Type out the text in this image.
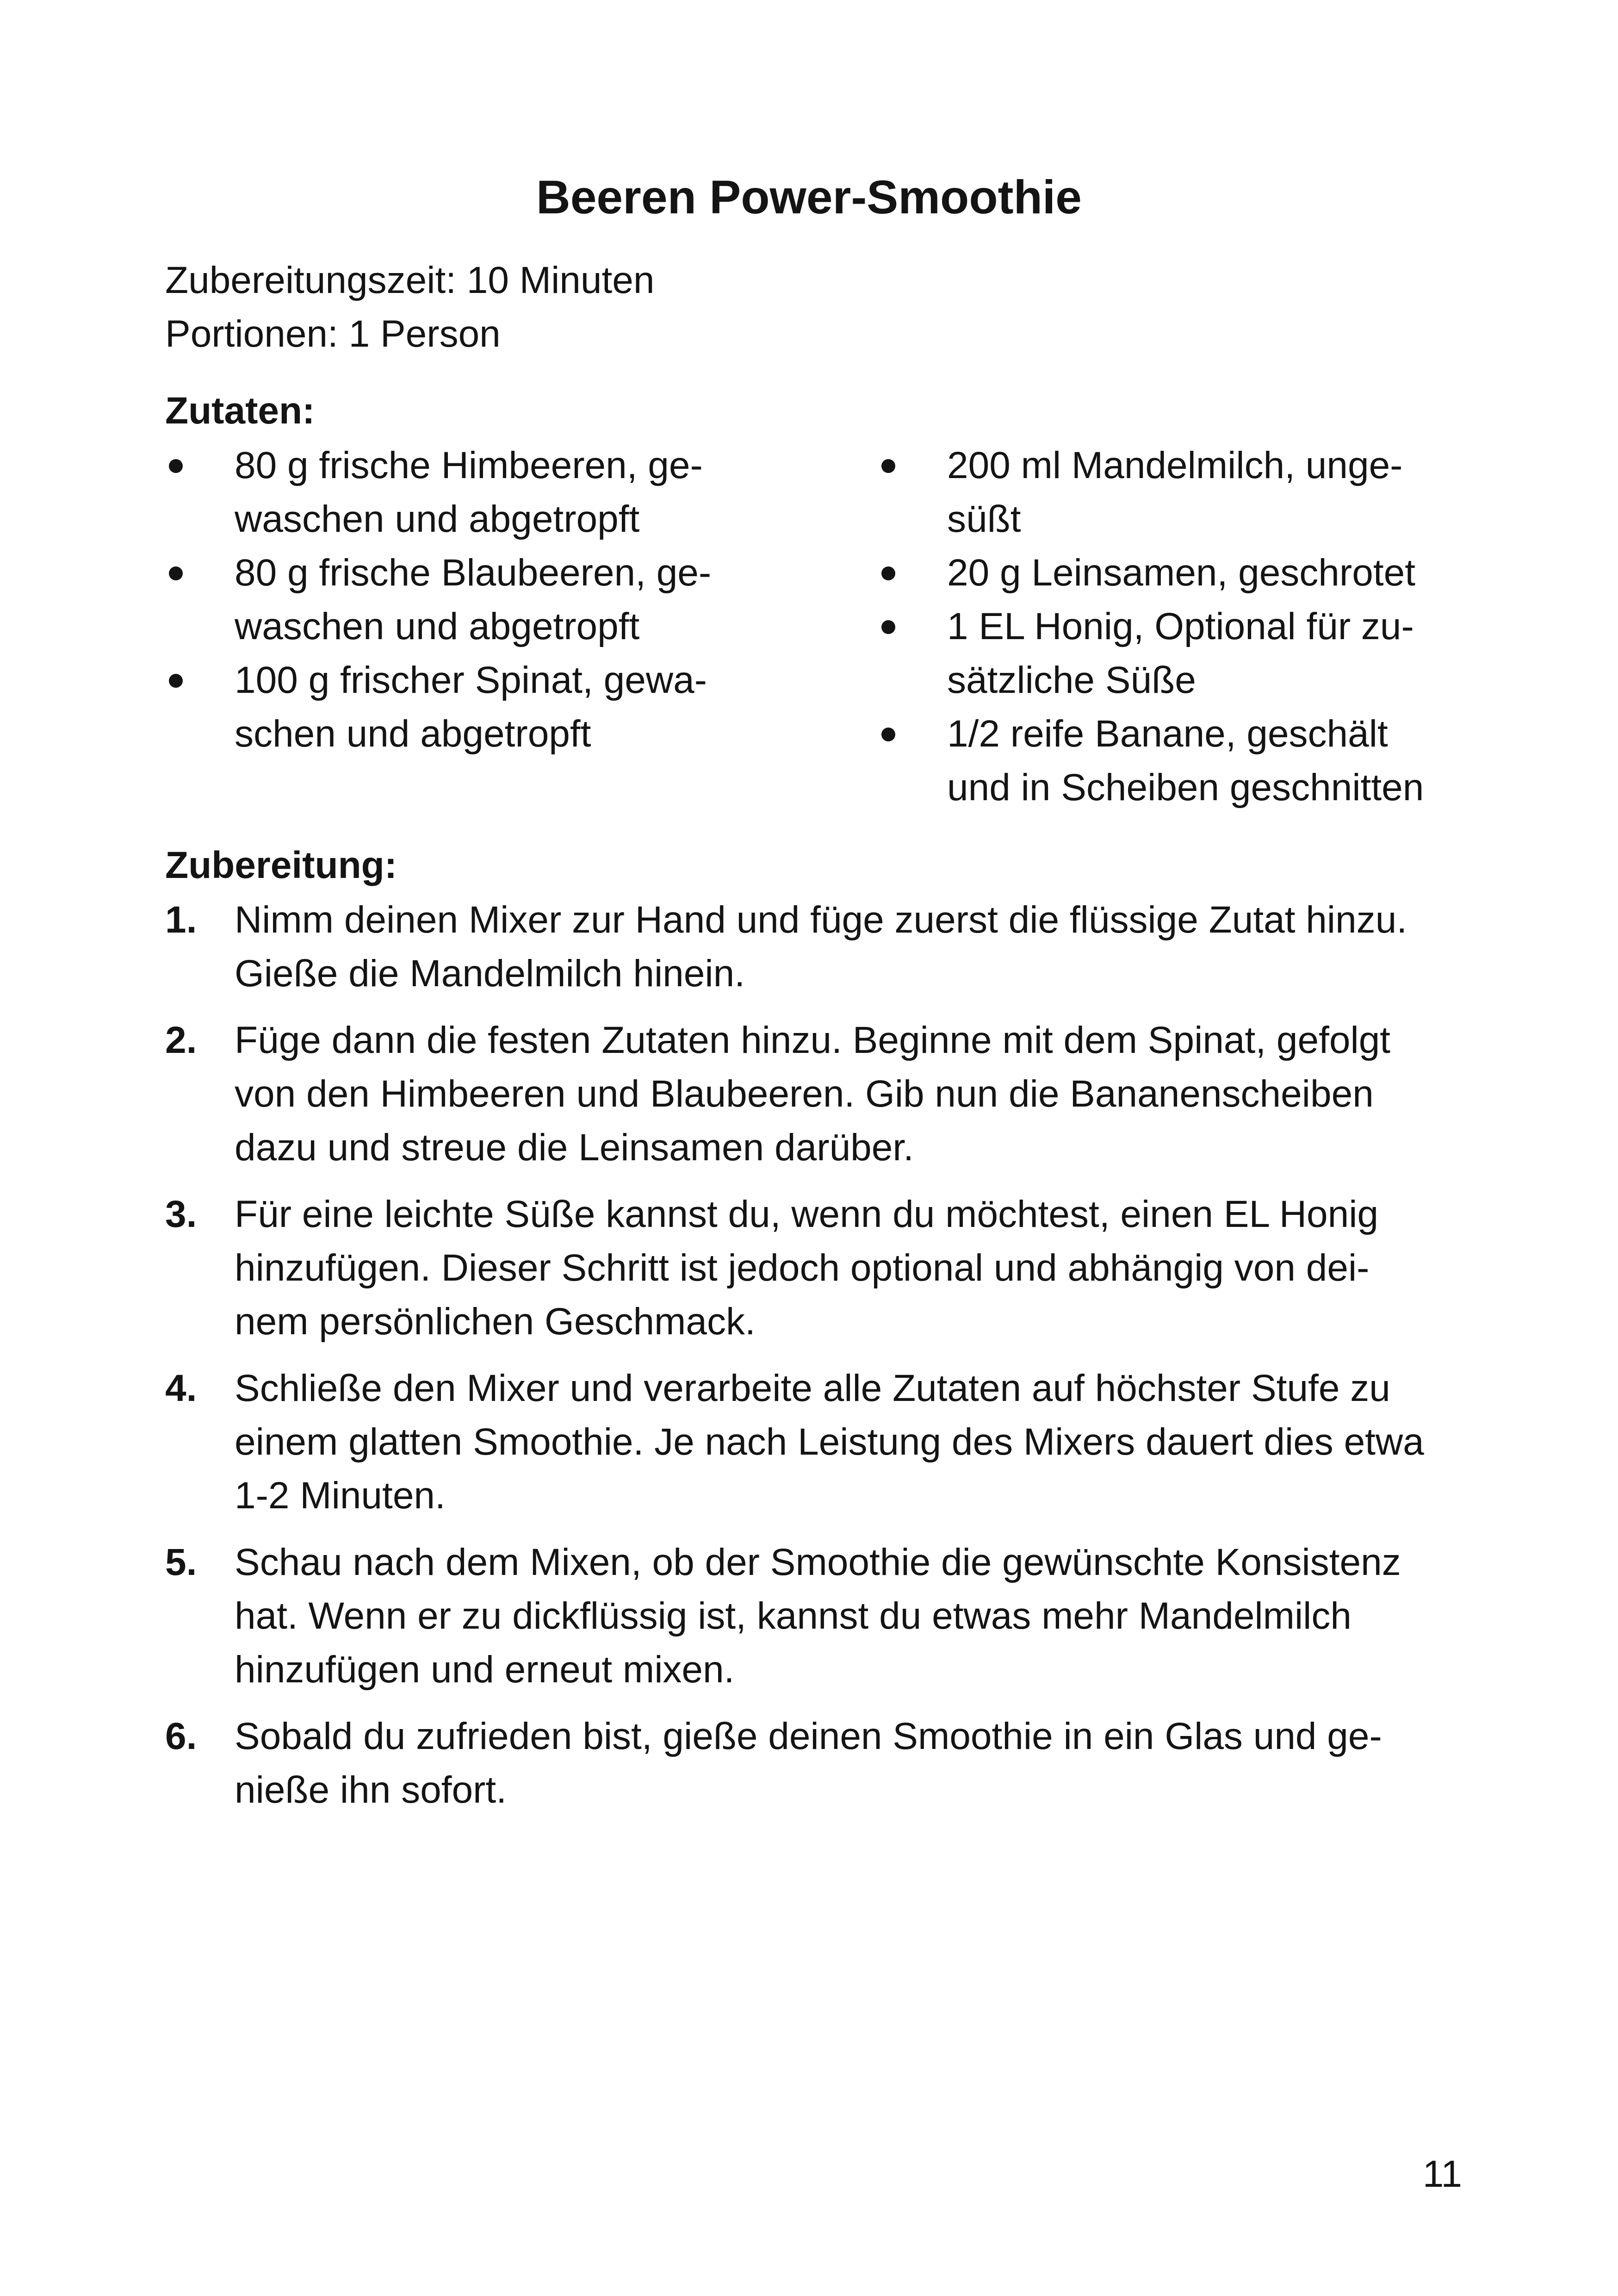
Beeren Power-Smoothie

Zubereitungszeit: 10 Minuten

Portionen: 1 Person

Zutaten:
80 g frische Himbeeren, ge-
waschen und abgetropft
80 g frische Blaubeeren, ge-
waschen und abgetropft
100 g frischer Spinat, gewa-
schen und abgetropft
200 ml Mandelmilch, unge-
süßt
20 g Leinsamen, geschrotet
1 EL Honig, Optional für zu-
sätzliche Süße
1/2 reife Banane, geschält
und in Scheiben geschnitten
Zubereitung:
1. Nimm deinen Mixer zur Hand und füge zuerst die flüssige Zutat hinzu.
Gieße die Mandelmilch hinein.
2. Füge dann die festen Zutaten hinzu. Beginne mit dem Spinat, gefolgt
von den Himbeeren und Blaubeeren. Gib nun die Bananenscheiben
dazu und streue die Leinsamen darüber.
3. Für eine leichte Süße kannst du, wenn du möchtest, einen EL Honig
hinzufügen. Dieser Schritt ist jedoch optional und abhängig von dei-
nem persönlichen Geschmack.
4. Schließe den Mixer und verarbeite alle Zutaten auf höchster Stufe zu
einem glatten Smoothie. Je nach Leistung des Mixers dauert dies etwa
1-2 Minuten.
5. Schau nach dem Mixen, ob der Smoothie die gewünschte Konsistenz
hat. Wenn er zu dickflüssig ist, kannst du etwas mehr Mandelmilch
hinzufügen und erneut mixen.
6. Sobald du zufrieden bist, gieße deinen Smoothie in ein Glas und ge-
nieße ihn sofort.

11
